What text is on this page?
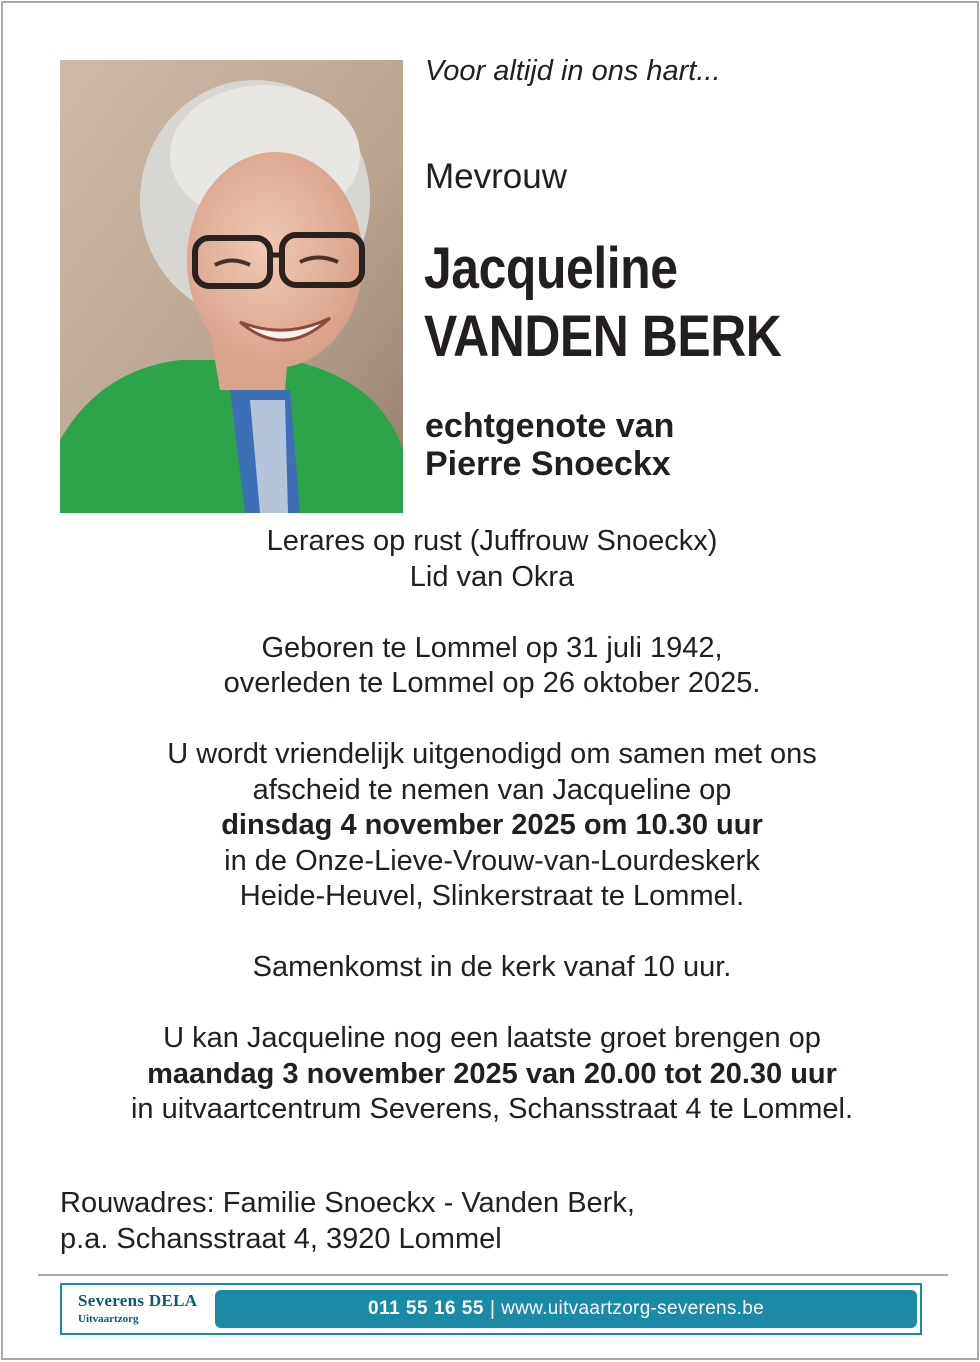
Voor altijd in ons hart...
Mevrouw
Jacqueline
VANDEN BERK
echtgenote van
Pierre Snoeckx
Lerares op rust (Juffrouw Snoeckx)
Lid van Okra
Geboren te Lommel op 31 juli 1942,
overleden te Lommel op 26 oktober 2025.
U wordt vriendelijk uitgenodigd om samen met ons
afscheid te nemen van Jacqueline op
dinsdag 4 november 2025 om 10.30 uur
in de Onze-Lieve-Vrouw-van-Lourdeskerk
Heide-Heuvel, Slinkerstraat te Lommel.
Samenkomst in de kerk vanaf 10 uur.
U kan Jacqueline nog een laatste groet brengen op
maandag 3 november 2025 van 20.00 tot 20.30 uur
in uitvaartcentrum Severens, Schansstraat 4 te Lommel.
Rouwadres: Familie Snoeckx - Vanden Berk,
p.a. Schansstraat 4, 3920 Lommel
Severens DELA
Uitvaartzorg	011 55 16 55 | www.uitvaartzorg-severens.be
